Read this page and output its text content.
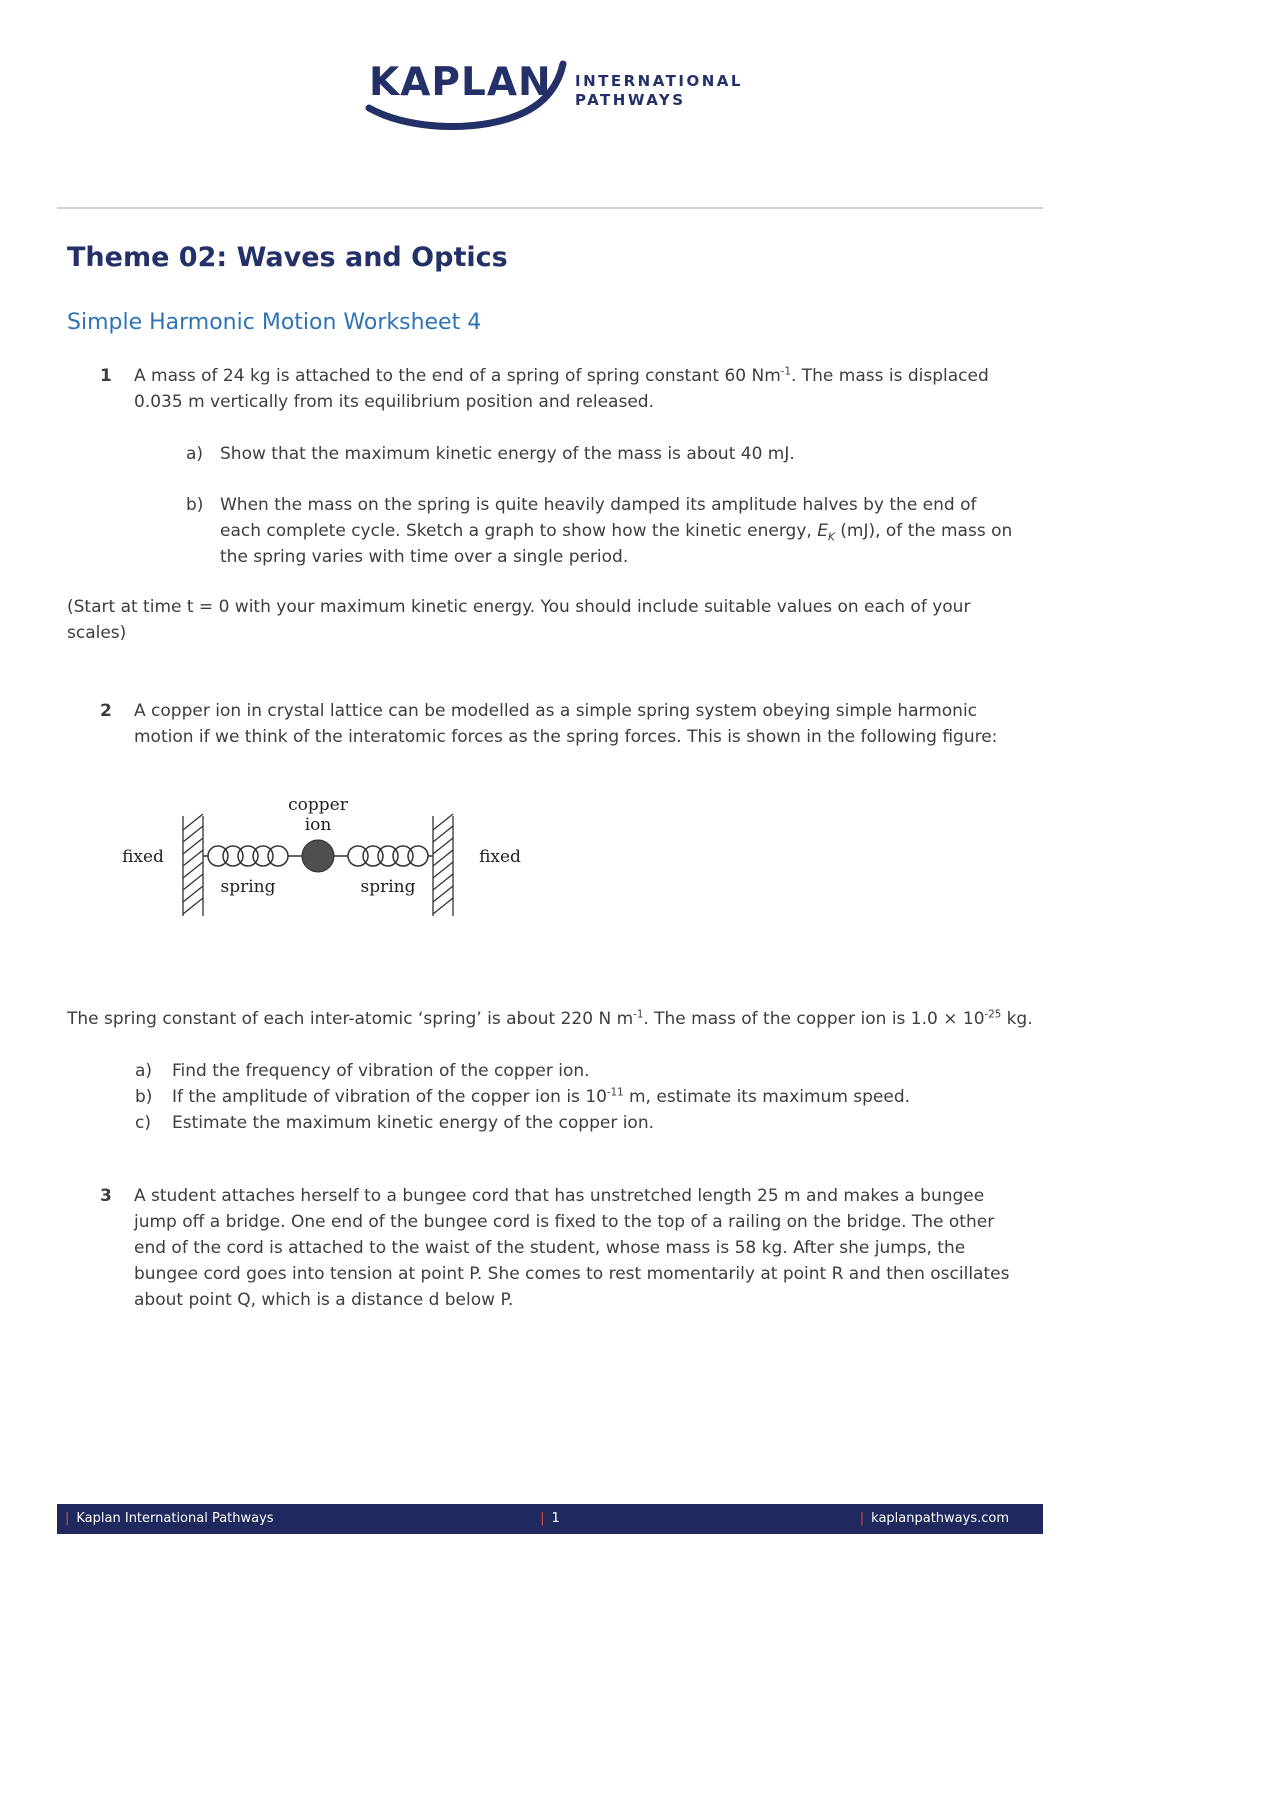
KAPLAN INTERNATIONAL
PATHWAYS
Theme 02: Waves and Optics
Simple Harmonic Motion Worksheet 4
1	A mass of 24 kg is attached to the end of a spring of spring constant 60 $Nm^{-1}$. The mass is displaced 0.035 m vertically from its equilibrium position and released.

a) Show that the maximum kinetic energy of the mass is about 40 mJ.

b) When the mass on the spring is quite heavily damped its amplitude halves by the end of each complete cycle. Sketch a graph to show how the kinetic energy, $E_K$ (mJ), of the mass on the spring varies with time over a single period.

(Start at time t = 0 with your maximum kinetic energy. You should include suitable values on each of your scales)

2	A copper ion in crystal lattice can be modelled as a simple spring system obeying simple harmonic motion if we think of the interatomic forces as the spring forces. This is shown in the following figure:

copper
ion
fixed	fixed
spring	spring

The spring constant of each inter-atomic ‘spring’ is about 220 N $m^{-1}$. The mass of the copper ion is $1.0 \times 10^{-25}$ kg.

a)	Find the frequency of vibration of the copper ion.

b)	If the amplitude of vibration of the copper ion is $10^{-11}$ m, estimate its maximum speed.

c)	Estimate the maximum kinetic energy of the copper ion.

3	A student attaches herself to a bungee cord that has unstretched length 25 m and makes a bungee jump off a bridge. One end of the bungee cord is fixed to the top of a railing on the bridge. The other end of the cord is attached to the waist of the student, whose mass is 58 kg. After she jumps, the bungee cord goes into tension at point P. She comes to rest momentarily at point R and then oscillates about point Q, which is a distance d below P.

| Kaplan International Pathways	| 1	| kaplanpathways.com
